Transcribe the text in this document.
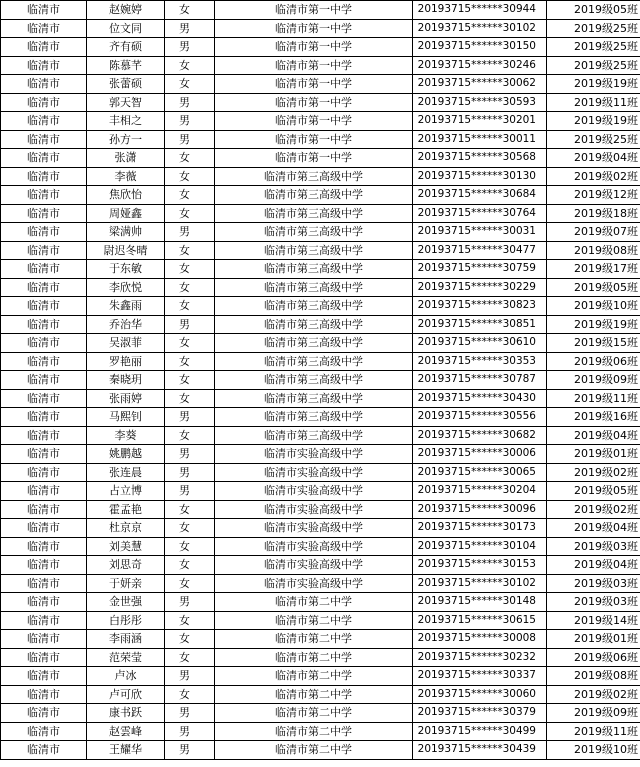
临清市	赵婉婷	女	临清市第一中学	20193715******30944	2019级05班
临清市	位文同	男	临清市第一中学	20193715******30102	2019级25班
临清市	齐有硕	男	临清市第一中学	20193715******30150	2019级25班
临清市	陈慕芊	女	临清市第一中学	20193715******30246	2019级25班
临清市	张蕾硕	女	临清市第一中学	20193715******30062	2019级19班
临清市	郭天智	男	临清市第一中学	20193715******30593	2019级11班
临清市	丰相之	男	临清市第一中学	20193715******30201	2019级19班
临清市	孙方一	男	临清市第一中学	20193715******30011	2019级25班
临清市	张潇	女	临清市第一中学	20193715******30568	2019级04班
临清市	李薇	女	临清市第三高级中学	20193715******30130	2019级02班
临清市	焦欣怡	女	临清市第三高级中学	20193715******30684	2019级12班
临清市	周娅鑫	女	临清市第三高级中学	20193715******30764	2019级18班
临清市	梁满帅	男	临清市第三高级中学	20193715******30031	2019级07班
临清市	尉迟冬晴	女	临清市第三高级中学	20193715******30477	2019级08班
临清市	于东敏	女	临清市第三高级中学	20193715******30759	2019级17班
临清市	李欣悦	女	临清市第三高级中学	20193715******30229	2019级05班
临清市	朱鑫雨	女	临清市第三高级中学	20193715******30823	2019级10班
临清市	乔治华	男	临清市第三高级中学	20193715******30851	2019级19班
临清市	吴淑菲	女	临清市第三高级中学	20193715******30610	2019级15班
临清市	罗艳丽	女	临清市第三高级中学	20193715******30353	2019级06班
临清市	秦晓玥	女	临清市第三高级中学	20193715******30787	2019级09班
临清市	张雨婷	女	临清市第三高级中学	20193715******30430	2019级11班
临清市	马熙钊	男	临清市第三高级中学	20193715******30556	2019级16班
临清市	李葵	女	临清市第三高级中学	20193715******30682	2019级04班
临清市	姚鹏越	男	临清市实验高级中学	20193715******30006	2019级01班
临清市	张连晨	男	临清市实验高级中学	20193715******30065	2019级02班
临清市	占立博	男	临清市实验高级中学	20193715******30204	2019级05班
临清市	霍孟艳	女	临清市实验高级中学	20193715******30096	2019级02班
临清市	杜京京	女	临清市实验高级中学	20193715******30173	2019级04班
临清市	刘美慧	女	临清市实验高级中学	20193715******30104	2019级03班
临清市	刘思奇	女	临清市实验高级中学	20193715******30153	2019级04班
临清市	于妍亲	女	临清市实验高级中学	20193715******30102	2019级03班
临清市	金世强	男	临清市第二中学	20193715******30148	2019级03班
临清市	白彤彤	女	临清市第二中学	20193715******30615	2019级14班
临清市	李雨涵	女	临清市第二中学	20193715******30008	2019级01班
临清市	范荣莹	女	临清市第二中学	20193715******30232	2019级06班
临清市	卢冰	男	临清市第二中学	20193715******30337	2019级08班
临清市	卢可欣	女	临清市第二中学	20193715******30060	2019级02班
临清市	康书跃	男	临清市第二中学	20193715******30379	2019级09班
临清市	赵雲峰	男	临清市第二中学	20193715******30499	2019级11班
临清市	王耀华	男	临清市第二中学	20193715******30439	2019级10班
